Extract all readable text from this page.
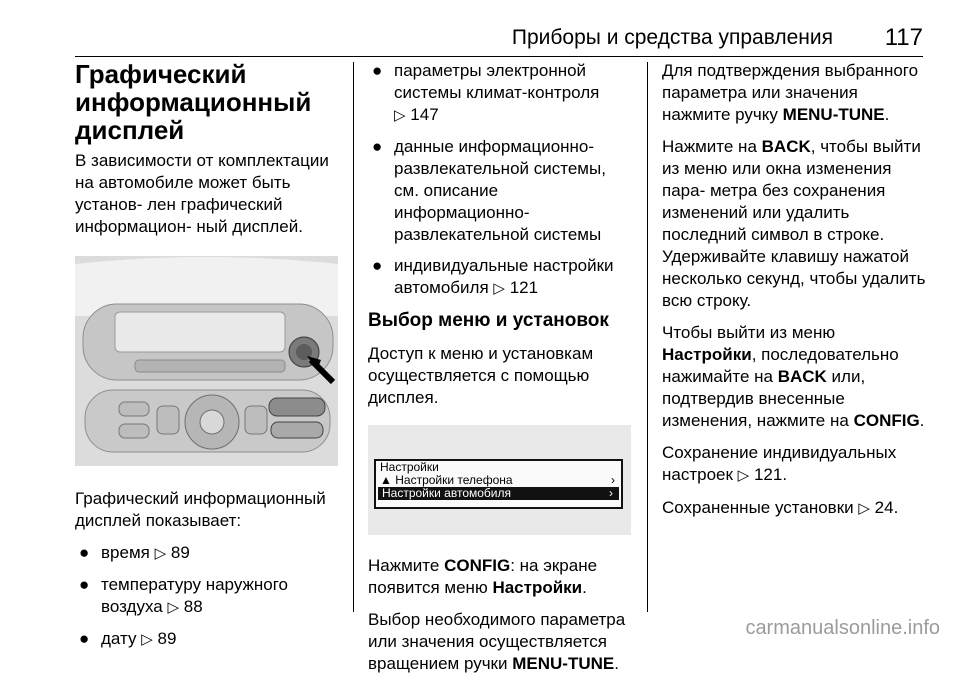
Приборы и средства управления 117
Графический информационный дисплей

В зависимости от комплектации на автомобиле может быть установ- лен графический информацион- ный дисплей.

Графический информационный дисплей показывает:

● время ▷ 89
● температуру наружного воздуха ▷ 88
● дату ▷ 89
● параметры электронной системы климат-контроля
▷ 147
● данные информационно- развлекательной системы, см. описание информационно- развлекательной системы
● индивидуальные настройки автомобиля ▷ 121
Выбор меню и установок

Доступ к меню и установкам осуществляется с помощью дисплея.

Настройки
▲ Настройки телефона	›
Настройки автомобиля	›

Нажмите CONFIG: на экране появится меню Настройки.

Выбор необходимого параметра или значения осуществляется вращением ручки MENU-TUNE.

Для подтверждения выбранного параметра или значения нажмите ручку MENU-TUNE.

Нажмите на BACK, чтобы выйти из меню или окна изменения пара- метра без сохранения изменений или удалить последний символ в строке. Удерживайте клавишу нажатой несколько секунд, чтобы удалить всю строку.

Чтобы выйти из меню Настройки, последовательно нажимайте на BACK или, подтвердив внесенные изменения, нажмите на CONFIG.

Сохранение индивидуальных настроек ▷ 121.

Сохраненные установки ▷ 24.

carmanualsonline.info
